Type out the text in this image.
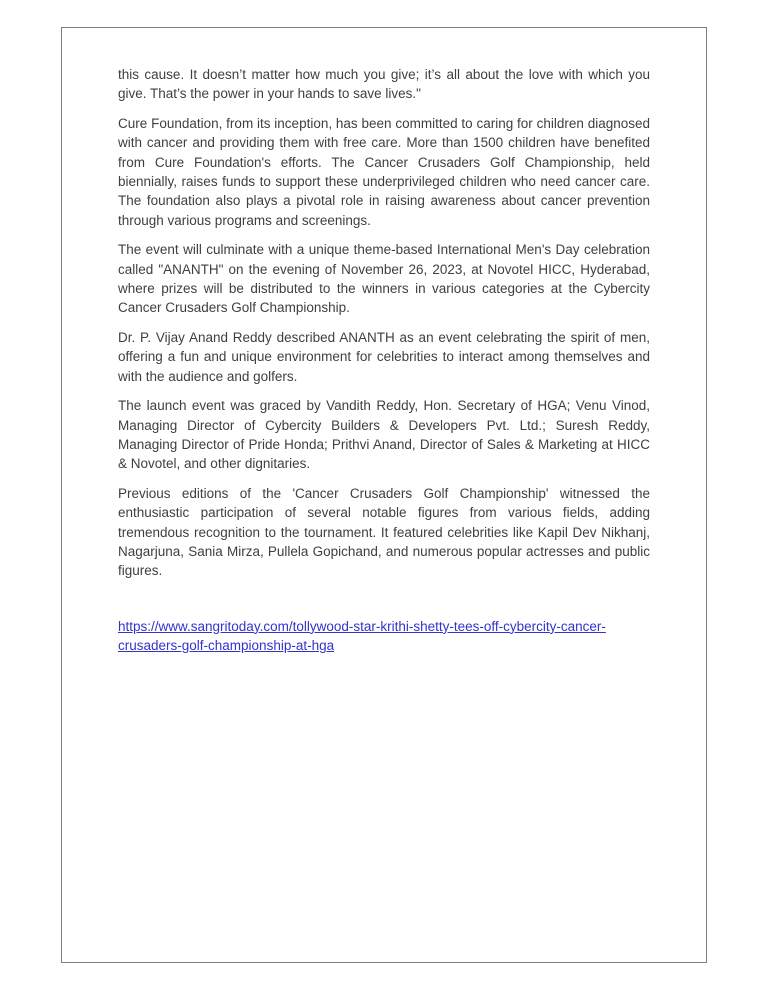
this cause. It doesn’t matter how much you give; it’s all about the love with which you give. That’s the power in your hands to save lives."

Cure Foundation, from its inception, has been committed to caring for children diagnosed with cancer and providing them with free care. More than 1500 children have benefited from Cure Foundation's efforts. The Cancer Crusaders Golf Championship, held biennially, raises funds to support these underprivileged children who need cancer care. The foundation also plays a pivotal role in raising awareness about cancer prevention through various programs and screenings.

The event will culminate with a unique theme-based International Men's Day celebration called "ANANTH" on the evening of November 26, 2023, at Novotel HICC, Hyderabad, where prizes will be distributed to the winners in various categories at the Cybercity Cancer Crusaders Golf Championship.

Dr. P. Vijay Anand Reddy described ANANTH as an event celebrating the spirit of men, offering a fun and unique environment for celebrities to interact among themselves and with the audience and golfers.

The launch event was graced by Vandith Reddy, Hon. Secretary of HGA; Venu Vinod, Managing Director of Cybercity Builders & Developers Pvt. Ltd.; Suresh Reddy, Managing Director of Pride Honda; Prithvi Anand, Director of Sales & Marketing at HICC & Novotel, and other dignitaries.

Previous editions of the 'Cancer Crusaders Golf Championship' witnessed the enthusiastic participation of several notable figures from various fields, adding tremendous recognition to the tournament. It featured celebrities like Kapil Dev Nikhanj, Nagarjuna, Sania Mirza, Pullela Gopichand, and numerous popular actresses and public figures.

https://www.sangritoday.com/tollywood-star-krithi-shetty-tees-off-cybercity-cancer-crusaders-golf-championship-at-hga
